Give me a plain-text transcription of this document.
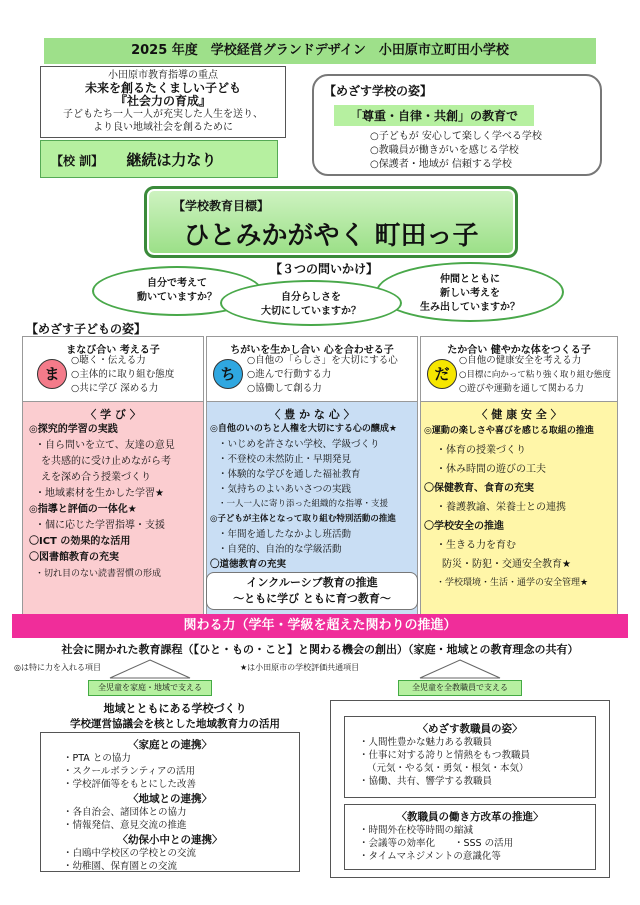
2025 年度　学校経営グランドデザイン　小田原市立町田小学校
小田原市教育指導の重点
未来を創るたくましい子ども
『社会力の育成』
子どもたち一人一人が充実した人生を送り、
より良い地域社会を創るために
【校 訓】 継続は力なり
【めざす学校の姿】
「尊重・自律・共創」の教育で
○子どもが 安心して楽しく学べる学校
○教職員が働きがいを感じる学校
○保護者・地域が 信頼する学校
【学校教育目標】
ひとみかがやく 町田っ子
【３つの問いかけ】
自分で考えて
動いていますか？
仲間とともに
新しい考えを
生み出していますか？
自分らしさを
大切にしていますか？
【めざす子どもの姿】
まなび合い 考える子
ま
○聴く・伝える力
○主体的に取り組む態度
○共に学び 深める力
〈 学 び 〉
◎探究的学習の実践
・自ら問いを立て、友達の意見
を共感的に受け止めながら考
えを深め合う授業づくり
・地域素材を生かした学習★
◎指導と評価の一体化★
・個に応じた学習指導・支援
〇ICT の効果的な活用
〇図書館教育の充実
・切れ目のない読書習慣の形成
ちがいを生かし合い 心を合わせる子
ち
○自他の「らしさ」を大切にする心
○進んで行動する力
○協働して創る力
〈 豊 か な 心 〉
◎自他のいのちと人権を大切にする心の醸成★
・いじめを許さない学校、学級づくり
・不登校の未然防止・早期発見
・体験的な学びを通した福祉教育
・気持ちのよいあいさつの実践
・一人一人に寄り添った組織的な指導・支援
◎子どもが主体となって取り組む特別活動の推進
・年間を通したなかよし班活動
・自発的、自治的な学級活動
〇道徳教育の充実
たか合い 健やかな体をつくる子
だ
○自他の健康安全を考える力
○目標に向かって粘り強く取り組む態度
○遊びや運動を通して関わる力
〈 健 康 安 全 〉
◎運動の楽しさや喜びを感じる取組の推進
・体育の授業づくり
・休み時間の遊びの工夫
〇保健教育、食育の充実
・養護教諭、栄養士との連携
〇学校安全の推進
・生きる力を育む
防災・防犯・交通安全教育★
・学校環境・生活・通学の安全管理★
インクルーシブ教育の推進
～ともに学び ともに育つ教育～
関わる力（学年・学級を超えた関わりの推進）
社会に開かれた教育課程（【ひと・もの・こと】と関わる機会の創出）（家庭・地域との教育理念の共有）
◎は特に力を入れる項目	★は小田原市の学校評価共通項目
全児童を家庭・地域で支える	全児童を全教職員で支える
地域とともにある学校づくり
学校運営協議会を核とした地域教育力の活用
〈家庭との連携〉
・PTA との協力
・スクールボランティアの活用
・学校評価等をもとにした改善
〈地域との連携〉
・各自治会、諸団体との協力
・情報発信、意見交流の推進
〈幼保小中との連携〉
・白鴎中学校区の学校との交流
・幼稚園、保育園との交流
〈めざす教職員の姿〉
・人間性豊かな魅力ある教職員
・仕事に対する誇りと情熱をもつ教職員
（元気・やる気・勇気・根気・本気）
・協働、共有、響学する教職員
〈教職員の働き方改革の推進〉
・時間外在校等時間の縮減
・会議等の効率化　　・SSS の活用
・タイムマネジメントの意識化等
